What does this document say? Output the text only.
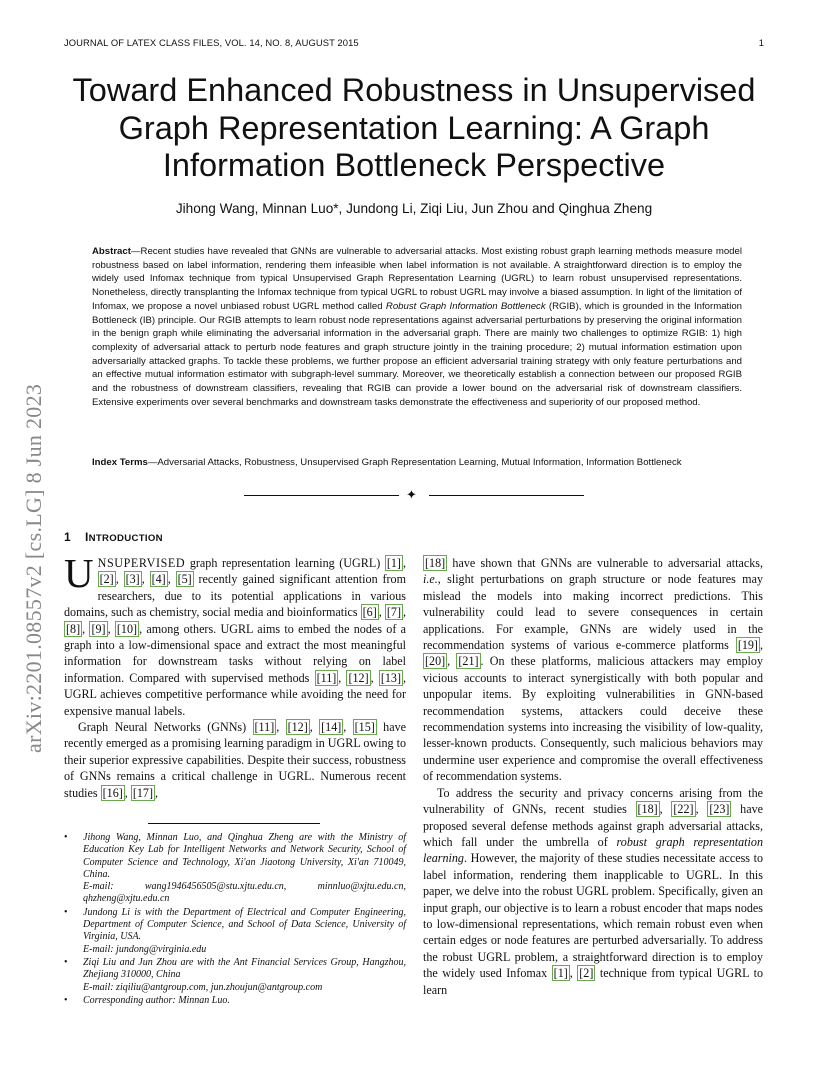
JOURNAL OF LATEX CLASS FILES, VOL. 14, NO. 8, AUGUST 2015	1
Toward Enhanced Robustness in Unsupervised Graph Representation Learning: A Graph Information Bottleneck Perspective
Jihong Wang, Minnan Luo*, Jundong Li, Ziqi Liu, Jun Zhou and Qinghua Zheng
Abstract—Recent studies have revealed that GNNs are vulnerable to adversarial attacks. Most existing robust graph learning methods measure model robustness based on label information, rendering them infeasible when label information is not available. A straightforward direction is to employ the widely used Infomax technique from typical Unsupervised Graph Representation Learning (UGRL) to learn robust unsupervised representations. Nonetheless, directly transplanting the Infomax technique from typical UGRL to robust UGRL may involve a biased assumption. In light of the limitation of Infomax, we propose a novel unbiased robust UGRL method called Robust Graph Information Bottleneck (RGIB), which is grounded in the Information Bottleneck (IB) principle. Our RGIB attempts to learn robust node representations against adversarial perturbations by preserving the original information in the benign graph while eliminating the adversarial information in the adversarial graph. There are mainly two challenges to optimize RGIB: 1) high complexity of adversarial attack to perturb node features and graph structure jointly in the training procedure; 2) mutual information estimation upon adversarially attacked graphs. To tackle these problems, we further propose an efficient adversarial training strategy with only feature perturbations and an effective mutual information estimator with subgraph-level summary. Moreover, we theoretically establish a connection between our proposed RGIB and the robustness of downstream classifiers, revealing that RGIB can provide a lower bound on the adversarial risk of downstream classifiers. Extensive experiments over several benchmarks and downstream tasks demonstrate the effectiveness and superiority of our proposed method.
Index Terms—Adversarial Attacks, Robustness, Unsupervised Graph Representation Learning, Mutual Information, Information Bottleneck
✦
arXiv:2201.08557v2 [cs.LG] 8 Jun 2023 1 INTRODUCTION

UNSUPERVISED graph representation learning (UGRL) [1] , [2] , [3] , [4] , [5] recently gained significant attention from researchers, due to its potential applications in various domains, such as chemistry, social media and bioinformatics [6] , [7] , [8] , [9] , [10] , among others. UGRL aims to embed the nodes of a graph into a low-dimensional space and extract the most meaningful information for downstream tasks without relying on label information. Compared with supervised methods [11] , [12] , [13] , UGRL achieves competitive performance while avoiding the need for expensive manual labels.

Graph Neural Networks (GNNs) [11] , [12] , [14] , [15] have recently emerged as a promising learning paradigm in UGRL owing to their superior expressive capabilities. Despite their success, robustness of GNNs remains a critical challenge in UGRL. Numerous recent studies [16] , [17] ,

[18] have shown that GNNs are vulnerable to adversarial attacks, i.e., slight perturbations on graph structure or node features may mislead the models into making incorrect predictions. This vulnerability could lead to severe consequences in certain applications. For example, GNNs are widely used in the recommendation systems of various e-commerce platforms [19] , [20] , [21] . On these platforms, malicious attackers may employ vicious accounts to interact synergistically with both popular and unpopular items. By exploiting vulnerabilities in GNN-based recommendation systems, attackers could deceive these recommendation systems into increasing the visibility of low-quality, lesser-known products. Consequently, such malicious behaviors may undermine user experience and compromise the overall effectiveness of recommendation systems.

To address the security and privacy concerns arising from the vulnerability of GNNs, recent studies [18] , [22] , [23] have proposed several defense methods against graph adversarial attacks, which fall under the umbrella of robust graph representation learning. However, the majority of these studies necessitate access to label information, rendering them inapplicable to UGRL. In this paper, we delve into the robust UGRL problem. Specifically, given an input graph, our objective is to learn a robust encoder that maps nodes to low-dimensional representations, which remain robust even when certain edges or node features are perturbed adversarially. To address the robust UGRL problem, a straightforward direction is to employ the widely used Infomax [1] , [2] technique from typical UGRL to learn

• Jihong Wang, Minnan Luo, and Qinghua Zheng are with the Ministry of Education Key Lab for Intelligent Networks and Network Security, School of Computer Science and Technology, Xi'an Jiaotong University, Xi'an 710049, China.
E-mail: wang1946456505@stu.xjtu.edu.cn, minnluo@xjtu.edu.cn, qhzheng@xjtu.edu.cn
• Jundong Li is with the Department of Electrical and Computer Engineering, Department of Computer Science, and School of Data Science, University of Virginia, USA.
E-mail: jundong@virginia.edu
• Ziqi Liu and Jun Zhou are with the Ant Financial Services Group, Hangzhou, Zhejiang 310000, China
E-mail: ziqiliu@antgroup.com, jun.zhoujun@antgroup.com
• Corresponding author: Minnan Luo.
